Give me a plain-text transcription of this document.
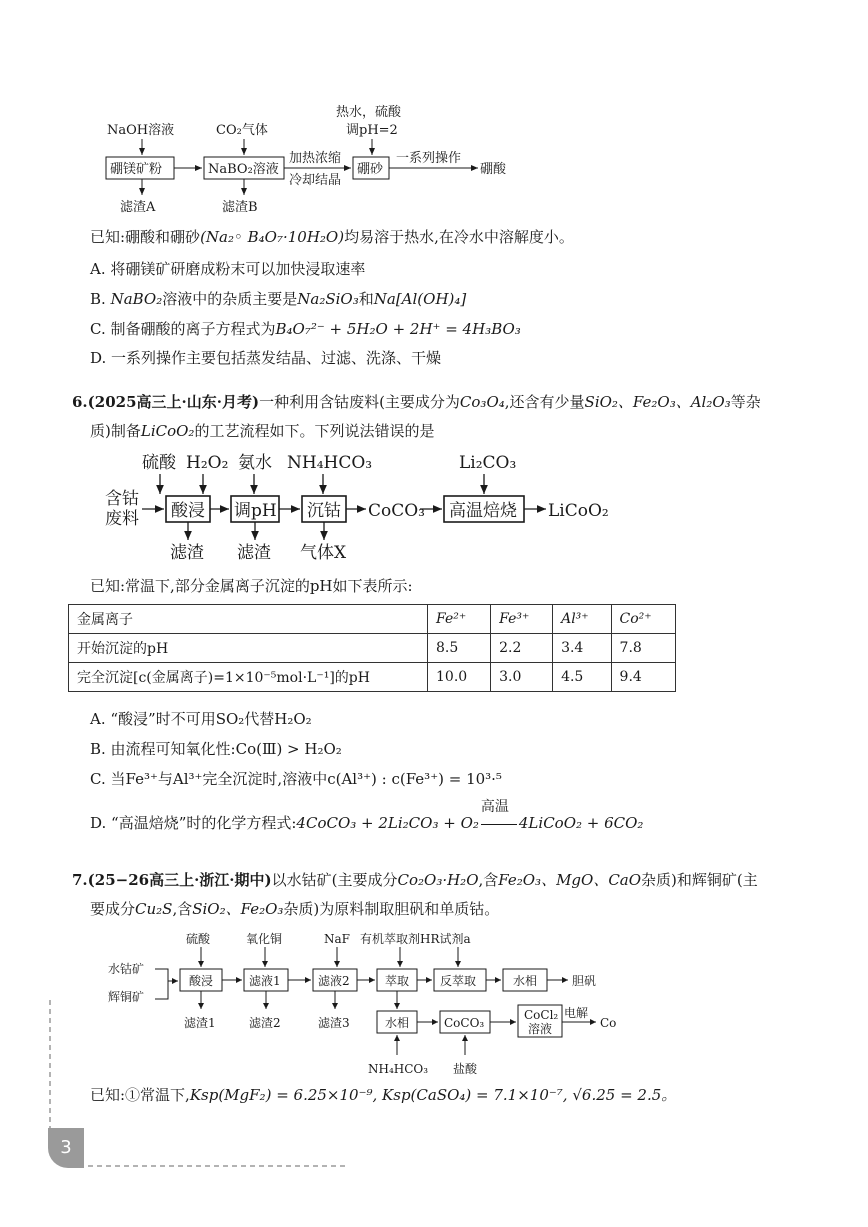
NaOH溶液	CO₂气体
热水，硫酸
调pH=2
硼镁矿粉	NaBO₂溶液	硼砂
加热浓缩
冷却结晶
一系列操作
硼酸
滤渣A	滤渣B
已知:硼酸和硼砂(Na₂◦ B₄O₇·10H₂O)均易溶于热水,在冷水中溶解度小。
A. 将硼镁矿研磨成粉末可以加快浸取速率
B. NaBO₂溶液中的杂质主要是Na₂SiO₃和Na[Al(OH)₄]
C. 制备硼酸的离子方程式为B₄O₇²⁻ + 5H₂O + 2H⁺ = 4H₃BO₃
D. 一系列操作主要包括蒸发结晶、过滤、洗涤、干燥
6.(2025高三上·山东·月考)一种利用含钴废料(主要成分为Co₃O₄,还含有少量SiO₂、Fe₂O₃、Al₂O₃等杂
质)制备LiCoO₂的工艺流程如下。下列说法错误的是
硫酸 H₂O₂ 氨水 NH₄HCO₃	Li₂CO₃
含钴
废料 酸浸 调pH 沉钴	高温焙烧
CoCO₃	LiCoO₂
滤渣 滤渣 气体X
已知:常温下,部分金属离子沉淀的pH如下表所示:
金属离子	Fe²⁺	Fe³⁺	Al³⁺	Co²⁺
开始沉淀的pH	8.5	2.2	3.4	7.8
完全沉淀[c(金属离子)=1×10⁻⁵mol·L⁻¹]的pH	10.0	3.0	4.5	9.4
A. “酸浸”时不可用SO₂代替H₂O₂
B. 由流程可知氧化性:Co(Ⅲ) > H₂O₂
C. 当Fe³⁺与Al³⁺完全沉淀时,溶液中c(Al³⁺) : c(Fe³⁺) = 10³·⁵
D. “高温焙烧”时的化学方程式:4CoCO₃ + 2Li₂CO₃ + O₂
高温
4LiCoO₂ + 6CO₂
7.(25−26高三上·浙江·期中)以水钴矿(主要成分Co₂O₃·H₂O,含Fe₂O₃、MgO、CaO杂质)和辉铜矿(主
要成分Cu₂S,含SiO₂、Fe₂O₃杂质)为原料制取胆矾和单质钴。
硫酸	氧化铜	NaF 有机萃取剂HR试剂a
水钴矿
辉铜矿
酸浸	滤液1	滤液2	萃取	反萃取	水相	胆矾
滤渣1	滤渣2	滤渣3	水相	CoCO₃
CoCl₂
溶液
电解
Co
NH₄HCO₃ 盐酸
已知:①常温下,Ksp(MgF₂) = 6.25×10⁻⁹, Ksp(CaSO₄) = 7.1×10⁻⁷, √6.25 = 2.5。
3
